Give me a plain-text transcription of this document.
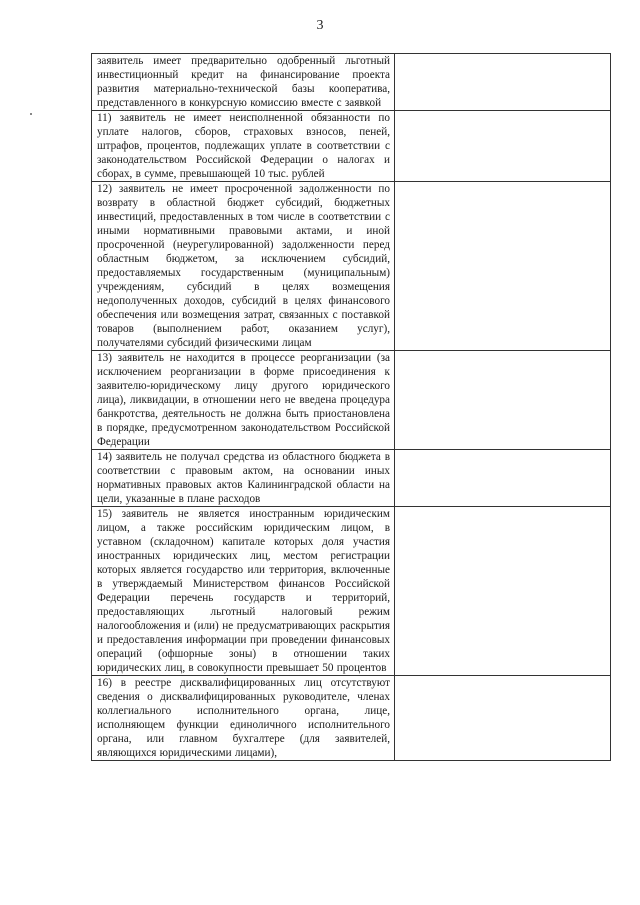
3
заявитель имеет предварительно одобренный льготный инвестиционный кредит на финансирование проекта развития материально-технической базы кооператива, представленного в конкурсную комиссию вместе с заявкой	
11) заявитель не имеет неисполненной обязанности по уплате налогов, сборов, страховых взносов, пеней, штрафов, процентов, подлежащих уплате в соответствии с законодательством Российской Федерации о налогах и сборах, в сумме, превышающей 10 тыс. рублей	
12) заявитель не имеет просроченной задолженности по возврату в областной бюджет субсидий, бюджетных инвестиций, предоставленных в том числе в соответствии с иными нормативными правовыми актами, и иной просроченной (неурегулированной) задолженности перед областным бюджетом, за исключением субсидий, предоставляемых государственным (муниципальным) учреждениям, субсидий в целях возмещения недополученных доходов, субсидий в целях финансового обеспечения или возмещения затрат, связанных с поставкой товаров (выполнением работ, оказанием услуг), получателями субсидий физическими лицам	
13) заявитель не находится в процессе реорганизации (за исключением реорганизации в форме присоединения к заявителю-юридическому лицу другого юридического лица), ликвидации, в отношении него не введена процедура банкротства, деятельность не должна быть приостановлена в порядке, предусмотренном законодательством Российской Федерации	
14) заявитель не получал средства из областного бюджета в соответствии с правовым актом, на основании иных нормативных правовых актов Калининградской области на цели, указанные в плане расходов	
15) заявитель не является иностранным юридическим лицом, а также российским юридическим лицом, в уставном (складочном) капитале которых доля участия иностранных юридических лиц, местом регистрации которых является государство или территория, включенные в утверждаемый Министерством финансов Российской Федерации перечень государств и территорий, предоставляющих льготный налоговый режим налогообложения и (или) не предусматривающих раскрытия и предоставления информации при проведении финансовых операций (офшорные зоны) в отношении таких юридических лиц, в совокупности превышает 50 процентов	
16) в реестре дисквалифицированных лиц отсутствуют сведения о дисквалифицированных руководителе, членах коллегиального исполнительного органа, лице, исполняющем функции единоличного исполнительного органа, или главном бухгалтере (для заявителей, являющихся юридическими лицами),	
